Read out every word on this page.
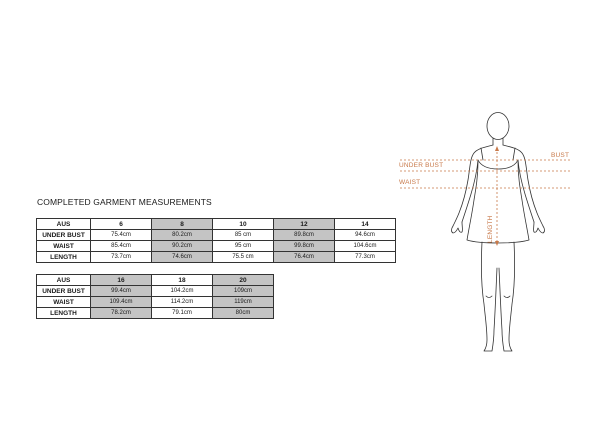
COMPLETED GARMENT MEASUREMENTS
AUS	6	8	10	12	14
UNDER BUST	75.4cm	80.2cm	85 cm	89.8cm	94.6cm
WAIST	85.4cm	90.2cm	95 cm	99.8cm	104.6cm
LENGTH	73.7cm	74.6cm	75.5 cm	76.4cm	77.3cm
AUS	16	18	20
UNDER BUST	99.4cm	104.2cm	109cm
WAIST	109.4cm	114.2cm	119cm
LENGTH	78.2cm	79.1cm	80cm
BUST
UNDER BUST
WAIST
LENGTH
